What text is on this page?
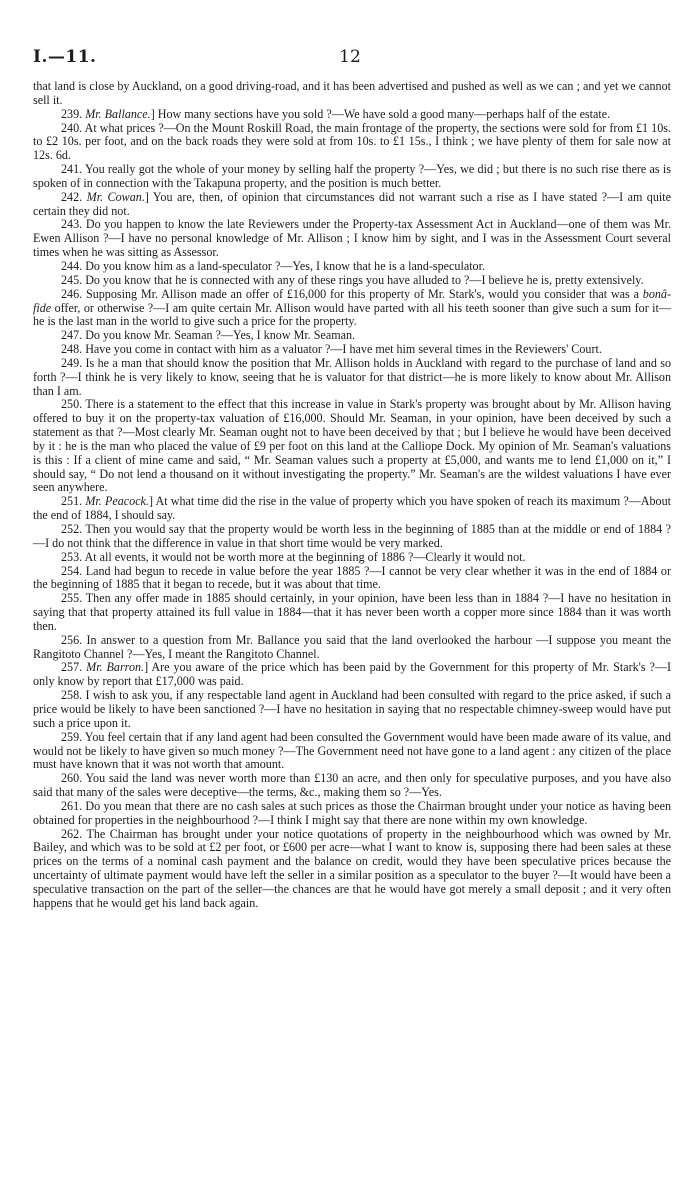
I.—11.	12

that land is close by Auckland, on a good driving-road, and it has been advertised and pushed as well as we can ; and yet we cannot sell it.

239. Mr. Ballance.] How many sections have you sold ?—We have sold a good many—perhaps half of the estate.

240. At what prices ?—On the Mount Roskill Road, the main frontage of the property, the sections were sold for from £1 10s. to £2 10s. per foot, and on the back roads they were sold at from 10s. to £1 15s., I think ; we have plenty of them for sale now at 12s. 6d.

241. You really got the whole of your money by selling half the property ?—Yes, we did ; but there is no such rise there as is spoken of in connection with the Takapuna property, and the position is much better.

242. Mr. Cowan.] You are, then, of opinion that circumstances did not warrant such a rise as I have stated ?—I am quite certain they did not.

243. Do you happen to know the late Reviewers under the Property-tax Assessment Act in Auckland—one of them was Mr. Ewen Allison ?—I have no personal knowledge of Mr. Allison ; I know him by sight, and I was in the Assessment Court several times when he was sitting as Assessor.

244. Do you know him as a land-speculator ?—Yes, I know that he is a land-speculator.

245. Do you know that he is connected with any of these rings you have alluded to ?—I believe he is, pretty extensively.

246. Supposing Mr. Allison made an offer of £16,000 for this property of Mr. Stark's, would you consider that was a bonâ-fide offer, or otherwise ?—I am quite certain Mr. Allison would have parted with all his teeth sooner than give such a sum for it—he is the last man in the world to give such a price for the property.

247. Do you know Mr. Seaman ?—Yes, I know Mr. Seaman.

248. Have you come in contact with him as a valuator ?—I have met him several times in the Reviewers' Court.

249. Is he a man that should know the position that Mr. Allison holds in Auckland with regard to the purchase of land and so forth ?—I think he is very likely to know, seeing that he is valuator for that district—he is more likely to know about Mr. Allison than I am.

250. There is a statement to the effect that this increase in value in Stark's property was brought about by Mr. Allison having offered to buy it on the property-tax valuation of £16,000. Should Mr. Seaman, in your opinion, have been deceived by such a statement as that ?—Most clearly Mr. Seaman ought not to have been deceived by that ; but I believe he would have been deceived by it : he is the man who placed the value of £9 per foot on this land at the Calliope Dock. My opinion of Mr. Seaman's valuations is this : If a client of mine came and said, “ Mr. Seaman values such a property at £5,000, and wants me to lend £1,000 on it,” I should say, “ Do not lend a thousand on it without investigating the property.” Mr. Seaman's are the wildest valuations I have ever seen anywhere.

251. Mr. Peacock.] At what time did the rise in the value of property which you have spoken of reach its maximum ?—About the end of 1884, I should say.

252. Then you would say that the property would be worth less in the beginning of 1885 than at the middle or end of 1884 ?—I do not think that the difference in value in that short time would be very marked.

253. At all events, it would not be worth more at the beginning of 1886 ?—Clearly it would not.

254. Land had begun to recede in value before the year 1885 ?—I cannot be very clear whether it was in the end of 1884 or the beginning of 1885 that it began to recede, but it was about that time.

255. Then any offer made in 1885 should certainly, in your opinion, have been less than in 1884 ?—I have no hesitation in saying that that property attained its full value in 1884—that it has never been worth a copper more since 1884 than it was worth then.

256. In answer to a question from Mr. Ballance you said that the land overlooked the harbour —I suppose you meant the Rangitoto Channel ?—Yes, I meant the Rangitoto Channel.

257. Mr. Barron.] Are you aware of the price which has been paid by the Government for this property of Mr. Stark's ?—I only know by report that £17,000 was paid.

258. I wish to ask you, if any respectable land agent in Auckland had been consulted with regard to the price asked, if such a price would be likely to have been sanctioned ?—I have no hesitation in saying that no respectable chimney-sweep would have put such a price upon it.

259. You feel certain that if any land agent had been consulted the Government would have been made aware of its value, and would not be likely to have given so much money ?—The Government need not have gone to a land agent : any citizen of the place must have known that it was not worth that amount.

260. You said the land was never worth more than £130 an acre, and then only for speculative purposes, and you have also said that many of the sales were deceptive—the terms, &c., making them so ?—Yes.

261. Do you mean that there are no cash sales at such prices as those the Chairman brought under your notice as having been obtained for properties in the neighbourhood ?—I think I might say that there are none within my own knowledge.

262. The Chairman has brought under your notice quotations of property in the neighbourhood which was owned by Mr. Bailey, and which was to be sold at £2 per foot, or £600 per acre—what I want to know is, supposing there had been sales at these prices on the terms of a nominal cash payment and the balance on credit, would they have been speculative prices because the uncertainty of ultimate payment would have left the seller in a similar position as a speculator to the buyer ?—It would have been a speculative transaction on the part of the seller—the chances are that he would have got merely a small deposit ; and it very often happens that he would get his land back again.
